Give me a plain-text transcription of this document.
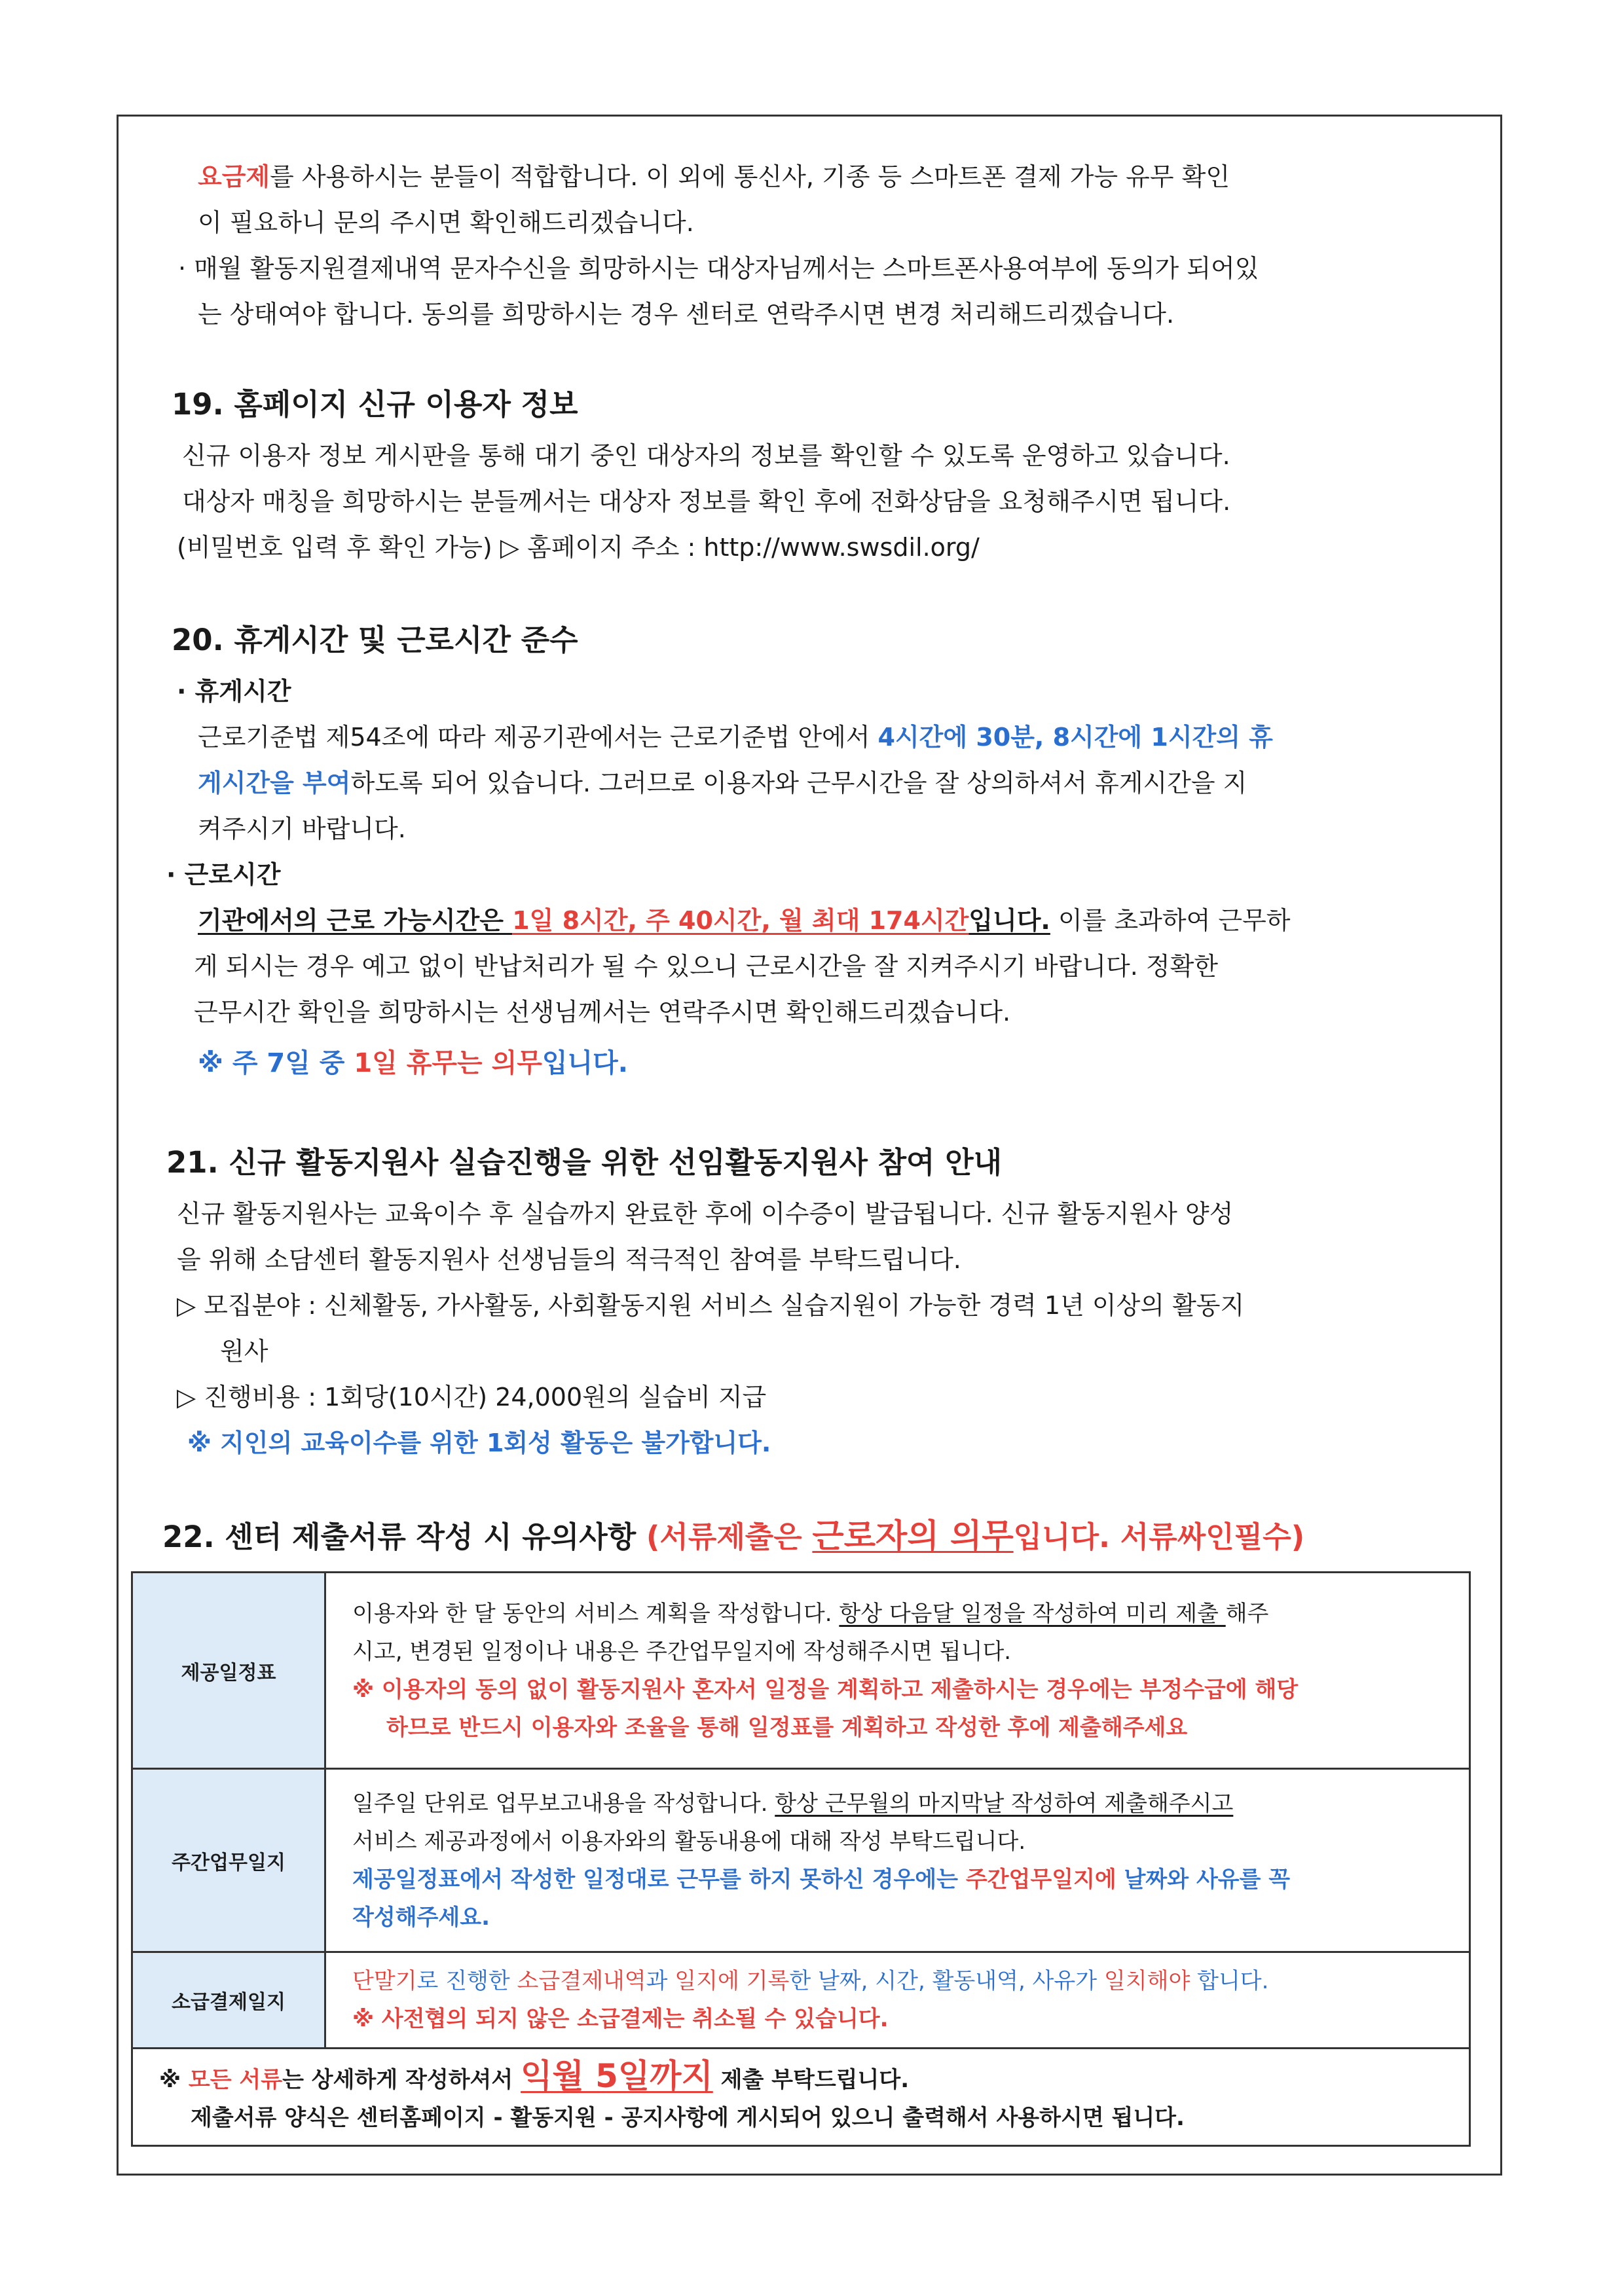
요금제를 사용하시는 분들이 적합합니다. 이 외에 통신사, 기종 등 스마트폰 결제 가능 유무 확인
이 필요하니 문의 주시면 확인해드리겠습니다.
· 매월 활동지원결제내역 문자수신을 희망하시는 대상자님께서는 스마트폰사용여부에 동의가 되어있
는 상태여야 합니다. 동의를 희망하시는 경우 센터로 연락주시면 변경 처리해드리겠습니다.
19. 홈페이지 신규 이용자 정보
신규 이용자 정보 게시판을 통해 대기 중인 대상자의 정보를 확인할 수 있도록 운영하고 있습니다.
대상자 매칭을 희망하시는 분들께서는 대상자 정보를 확인 후에 전화상담을 요청해주시면 됩니다.
(비밀번호 입력 후 확인 가능) ▷ 홈페이지 주소 : http://www.swsdil.org/
20. 휴게시간 및 근로시간 준수
· 휴게시간
근로기준법 제54조에 따라 제공기관에서는 근로기준법 안에서 4시간에 30분, 8시간에 1시간의 휴
게시간을 부여하도록 되어 있습니다. 그러므로 이용자와 근무시간을 잘 상의하셔서 휴게시간을 지
켜주시기 바랍니다.
· 근로시간
기관에서의 근로 가능시간은 1일 8시간, 주 40시간, 월 최대 174시간입니다. 이를 초과하여 근무하
게 되시는 경우 예고 없이 반납처리가 될 수 있으니 근로시간을 잘 지켜주시기 바랍니다. 정확한
근무시간 확인을 희망하시는 선생님께서는 연락주시면 확인해드리겠습니다.
※ 주 7일 중 1일 휴무는 의무입니다.
21. 신규 활동지원사 실습진행을 위한 선임활동지원사 참여 안내
신규 활동지원사는 교육이수 후 실습까지 완료한 후에 이수증이 발급됩니다. 신규 활동지원사 양성
을 위해 소담센터 활동지원사 선생님들의 적극적인 참여를 부탁드립니다.
▷ 모집분야 : 신체활동, 가사활동, 사회활동지원 서비스 실습지원이 가능한 경력 1년 이상의 활동지
원사
▷ 진행비용 : 1회당(10시간) 24,000원의 실습비 지급
※ 지인의 교육이수를 위한 1회성 활동은 불가합니다.
22. 센터 제출서류 작성 시 유의사항 (서류제출은 근로자의 의무입니다. 서류싸인필수)
제공일정표	이용자와 한 달 동안의 서비스 계획을 작성합니다. 항상 다음달 일정을 작성하여 미리 제출 해주
시고, 변경된 일정이나 내용은 주간업무일지에 작성해주시면 됩니다.
※ 이용자의 동의 없이 활동지원사 혼자서 일정을 계획하고 제출하시는 경우에는 부정수급에 해당
하므로 반드시 이용자와 조율을 통해 일정표를 계획하고 작성한 후에 제출해주세요

주간업무일지	일주일 단위로 업무보고내용을 작성합니다. 항상 근무월의 마지막날 작성하여 제출해주시고
서비스 제공과정에서 이용자와의 활동내용에 대해 작성 부탁드립니다.
제공일정표에서 작성한 일정대로 근무를 하지 못하신 경우에는 주간업무일지에 날짜와 사유를 꼭
작성해주세요.

소급결제일지	단말기로 진행한 소급결제내역과 일지에 기록한 날짜, 시간, 활동내역, 사유가 일치해야 합니다.
※ 사전협의 되지 않은 소급결제는 취소될 수 있습니다.

※ 모든 서류는 상세하게 작성하셔서 익월 5일까지 제출 부탁드립니다.
제출서류 양식은 센터홈페이지 - 활동지원 - 공지사항에 게시되어 있으니 출력해서 사용하시면 됩니다.	
